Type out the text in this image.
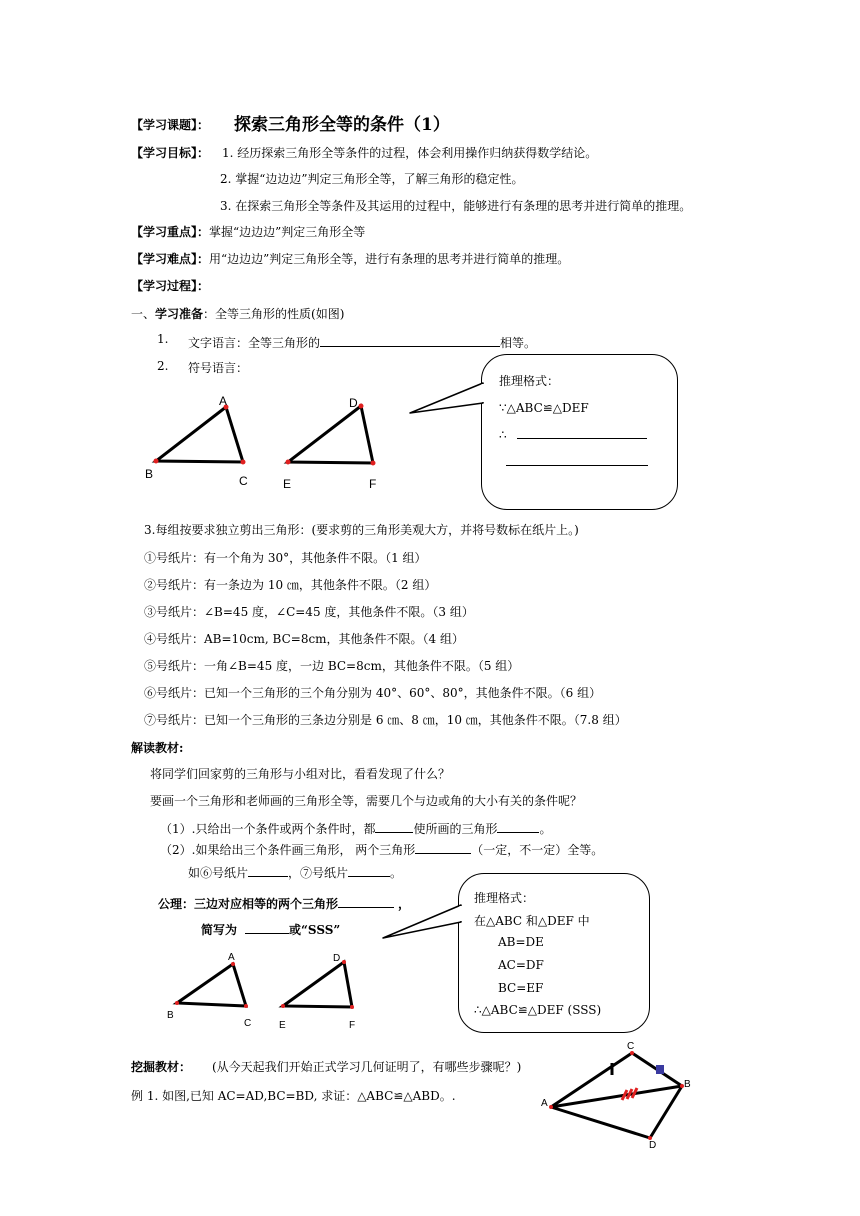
【学习课题】： 探索三角形全等的条件（1）
【学习目标】： 1. 经历探索三角形全等条件的过程，体会利用操作归纳获得数学结论。
2. 掌握“边边边”判定三角形全等，了解三角形的稳定性。
3. 在探索三角形全等条件及其运用的过程中，能够进行有条理的思考并进行简单的推理。
【学习重点】：掌握“边边边”判定三角形全等
【学习难点】：用“边边边”判定三角形全等，进行有条理的思考并进行简单的推理。
【学习过程】：
一、学习准备：全等三角形的性质(如图)
1. 文字语言：全等三角形的	相等。
2. 符号语言：
A
B	C
D
E	F
推理格式：
∵△ABC≌△DEF
∴
3.每组按要求独立剪出三角形：(要求剪的三角形美观大方，并将号数标在纸片上。)
①号纸片：有一个角为 30°，其他条件不限。（1 组）
②号纸片：有一条边为 10 ㎝，其他条件不限。（2 组）
③号纸片：∠B=45 度，∠C=45 度，其他条件不限。（3 组）
④号纸片：AB=10cm, BC=8cm，其他条件不限。（4 组）
⑤号纸片：一角∠B=45 度，一边 BC=8cm，其他条件不限。（5 组）
⑥号纸片：已知一个三角形的三个角分别为 40°、60°、80°，其他条件不限。（6 组）
⑦号纸片：已知一个三角形的三条边分别是 6 ㎝、8 ㎝，10 ㎝，其他条件不限。（7.8 组）
解读教材:
将同学们回家剪的三角形与小组对比，看看发现了什么？
要画一个三角形和老师画的三角形全等，需要几个与边或角的大小有关的条件呢？
（1）.只给出一个条件或两个条件时，都	使所画的三角形	。
（2）.如果给出三个条件画三角形， 两个三角形	（一定，不一定）全等。
如⑥号纸片	，⑦号纸片	。
公理：三边对应相等的两个三角形	，
简写为	或“SSS”
A
B
C
D
E	F
推理格式：
在△ABC 和△DEF 中
AB=DE
AC=DF
BC=EF
∴△ABC≌△DEF (SSS)
挖掘教材： (从今天起我们开始正式学习几何证明了，有哪些步骤呢？)
例 1. 如图,已知 AC=AD,BC=BD, 求证：△ABC≌△ABD。.
C
B
A
D
